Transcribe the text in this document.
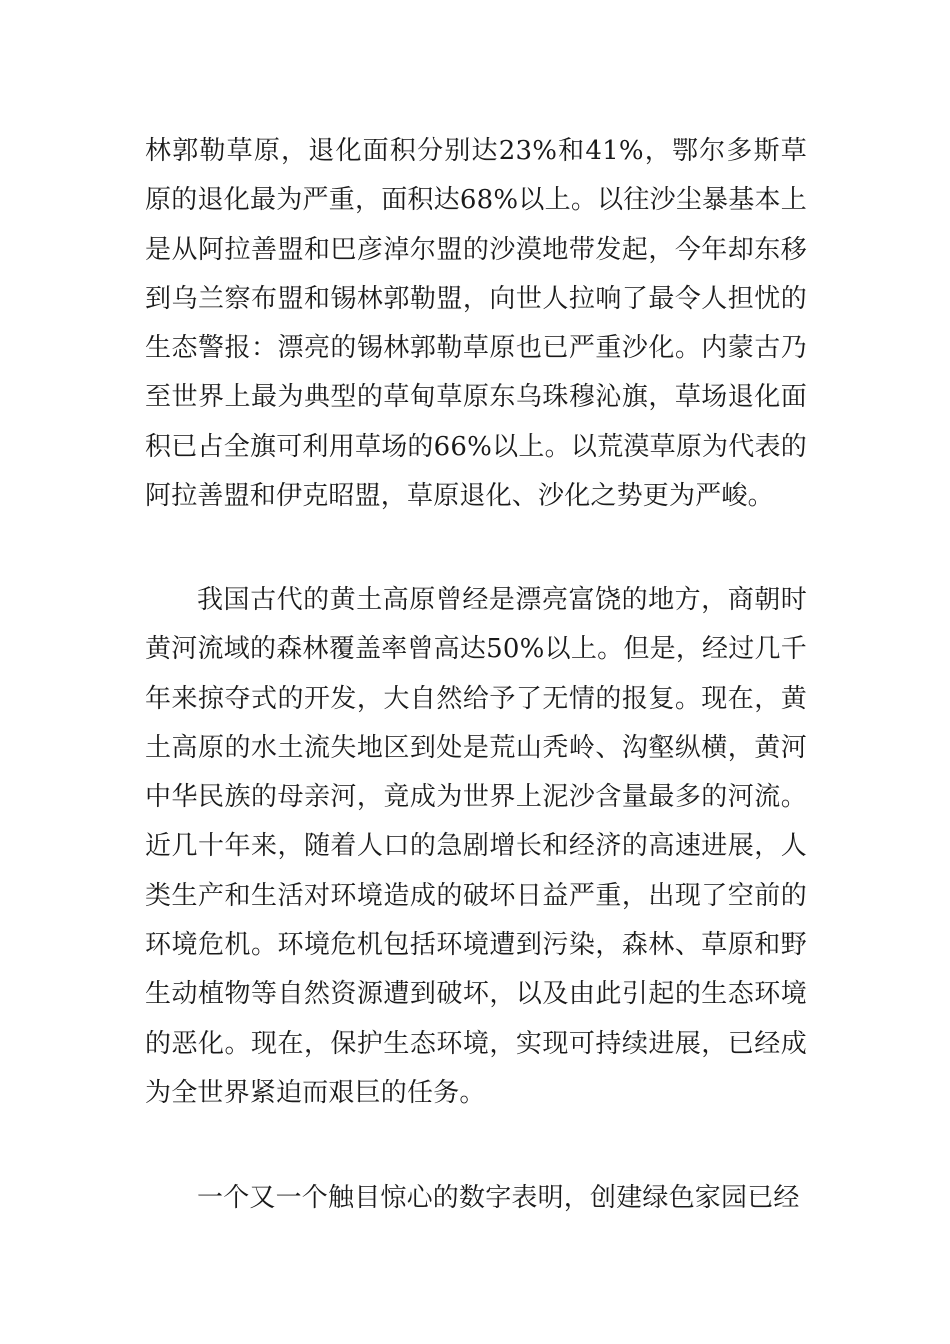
林郭勒草原，退化面积分别达23%和41%，鄂尔多斯草原的退化最为严重，面积达68%以上。以往沙尘暴基本上是从阿拉善盟和巴彦淖尔盟的沙漠地带发起，今年却东移到乌兰察布盟和锡林郭勒盟，向世人拉响了最令人担忧的生态警报：漂亮的锡林郭勒草原也已严重沙化。内蒙古乃至世界上最为典型的草甸草原东乌珠穆沁旗，草场退化面积已占全旗可利用草场的66%以上。以荒漠草原为代表的阿拉善盟和伊克昭盟，草原退化、沙化之势更为严峻。

我国古代的黄土高原曾经是漂亮富饶的地方，商朝时黄河流域的森林覆盖率曾高达50%以上。但是，经过几千年来掠夺式的开发，大自然给予了无情的报复。现在，黄土高原的水土流失地区到处是荒山秃岭、沟壑纵横，黄河中华民族的母亲河，竟成为世界上泥沙含量最多的河流。近几十年来，随着人口的急剧增长和经济的高速进展，人类生产和生活对环境造成的破坏日益严重，出现了空前的环境危机。环境危机包括环境遭到污染，森林、草原和野生动植物等自然资源遭到破坏，以及由此引起的生态环境的恶化。现在，保护生态环境，实现可持续进展，已经成为全世界紧迫而艰巨的任务。

一个又一个触目惊心的数字表明，创建绿色家园已经
